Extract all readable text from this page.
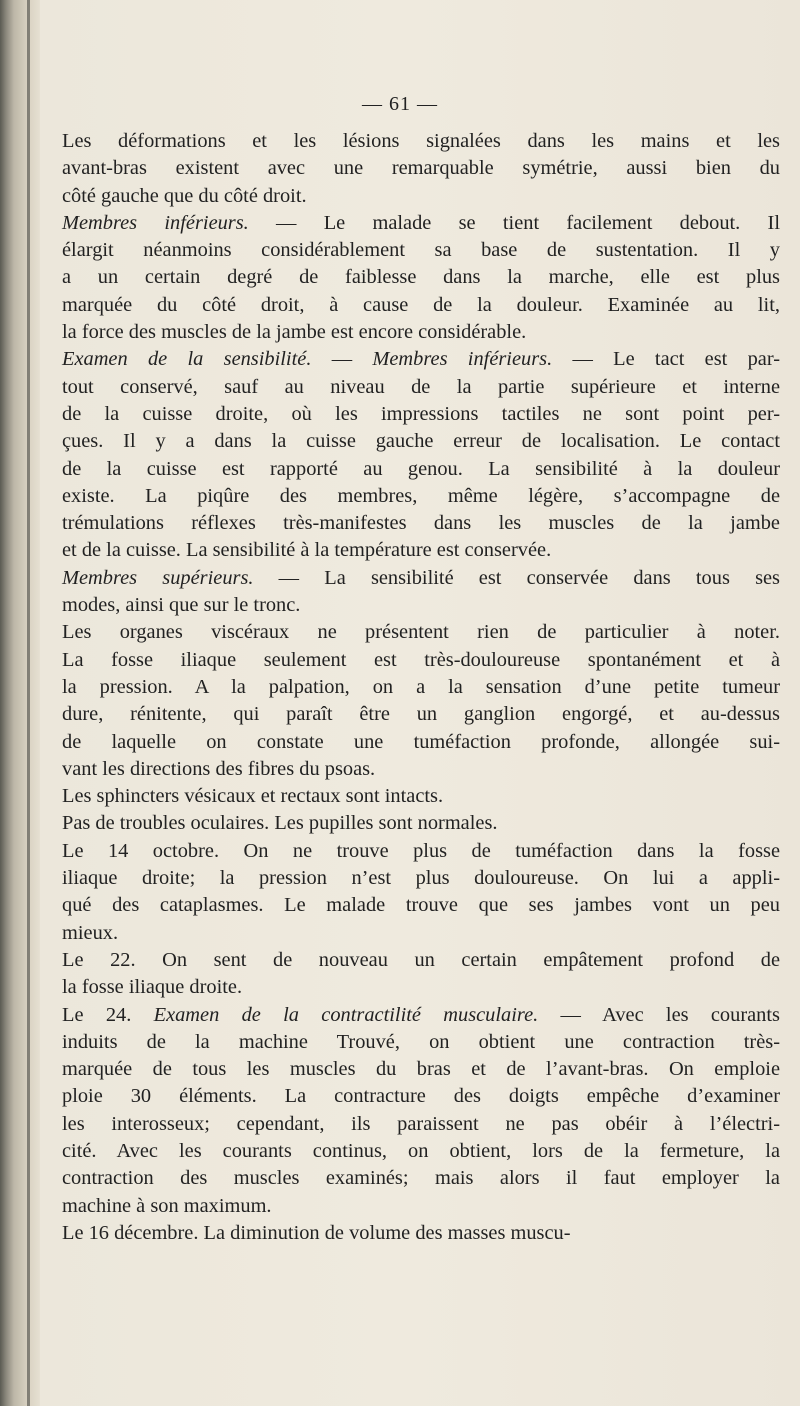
— 61 —
Les déformations et les lésions signalées dans les mains et les
avant-bras existent avec une remarquable symétrie, aussi bien du
côté gauche que du côté droit.
Membres inférieurs. — Le malade se tient facilement debout. Il
élargit néanmoins considérablement sa base de sustentation. Il y
a un certain degré de faiblesse dans la marche, elle est plus
marquée du côté droit, à cause de la douleur. Examinée au lit,
la force des muscles de la jambe est encore considérable.
Examen de la sensibilité. — Membres inférieurs. — Le tact est par-
tout conservé, sauf au niveau de la partie supérieure et interne
de la cuisse droite, où les impressions tactiles ne sont point per-
çues. Il y a dans la cuisse gauche erreur de localisation. Le contact
de la cuisse est rapporté au genou. La sensibilité à la douleur
existe. La piqûre des membres, même légère, s’accompagne de
trémulations réflexes très-manifestes dans les muscles de la jambe
et de la cuisse. La sensibilité à la température est conservée.
Membres supérieurs. — La sensibilité est conservée dans tous ses
modes, ainsi que sur le tronc.
Les organes viscéraux ne présentent rien de particulier à noter.
La fosse iliaque seulement est très-douloureuse spontanément et à
la pression. A la palpation, on a la sensation d’une petite tumeur
dure, rénitente, qui paraît être un ganglion engorgé, et au-dessus
de laquelle on constate une tuméfaction profonde, allongée sui-
vant les directions des fibres du psoas.
Les sphincters vésicaux et rectaux sont intacts.
Pas de troubles oculaires. Les pupilles sont normales.
Le 14 octobre. On ne trouve plus de tuméfaction dans la fosse
iliaque droite; la pression n’est plus douloureuse. On lui a appli-
qué des cataplasmes. Le malade trouve que ses jambes vont un peu
mieux.
Le 22. On sent de nouveau un certain empâtement profond de
la fosse iliaque droite.
Le 24. Examen de la contractilité musculaire. — Avec les courants
induits de la machine Trouvé, on obtient une contraction très-
marquée de tous les muscles du bras et de l’avant-bras. On emploie
ploie 30 éléments. La contracture des doigts empêche d’examiner
les interosseux; cependant, ils paraissent ne pas obéir à l’électri-
cité. Avec les courants continus, on obtient, lors de la fermeture, la
contraction des muscles examinés; mais alors il faut employer la
machine à son maximum.
Le 16 décembre. La diminution de volume des masses muscu-
